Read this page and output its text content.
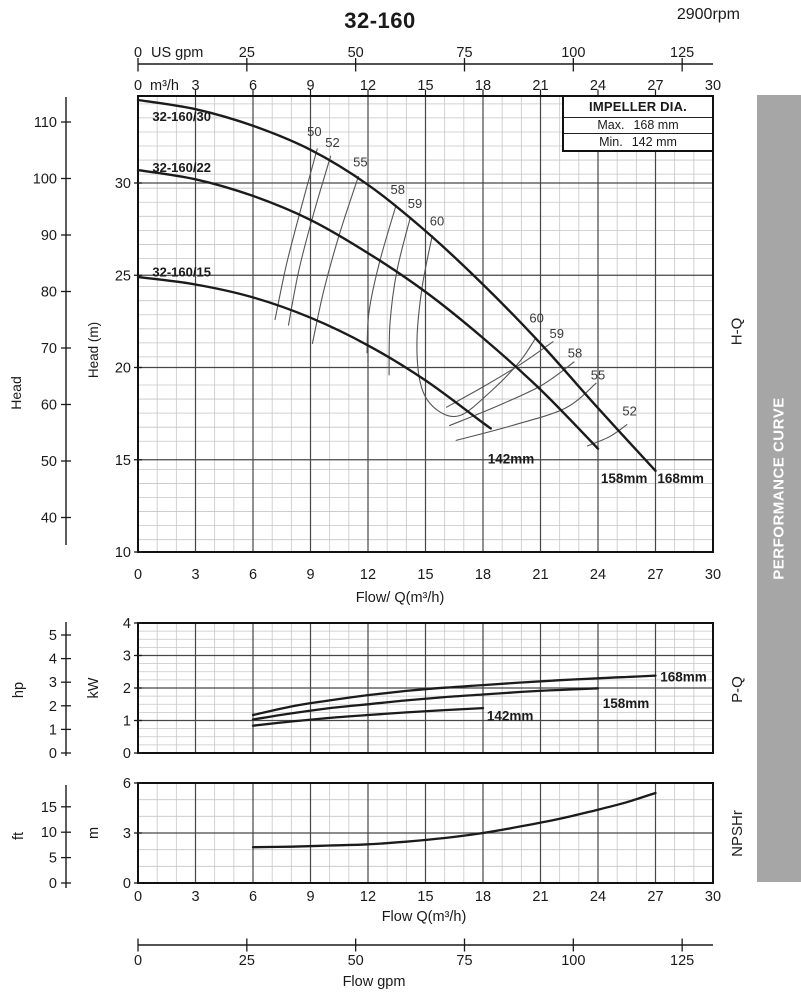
0	25	50	75	100	125
US gpm
0	3	6	9	12	15	18	21	24	27	30
m³/h
32-160/30
32-160/22
32-160/15
50
52
55
58
59
60
60
59
58
55
52
142mm
158mm 168mm
30
25
20
15
10
Head (m)
0	3	6	9	12	15	18	21	24	27	30
Flow/ Q(m³/h)
110
100
90
80
70
60
50
40
Head
168mm
158mm
142mm
4
3
2
1
0
kW
5
4
3
2
1
0
hp
6
3
0
m
15
10
5
0
ft
0	3	6	9	12	15	18	21	24	27	30
Flow Q(m³/h)
0	25	50	75	100	125
Flow gpm
32-160	2900rpm
IMPELLER DIA.
Max. 168 mm
Min. 142 mm
PERFORMANCE CURVE
H-Q
P-Q
NPSHr
